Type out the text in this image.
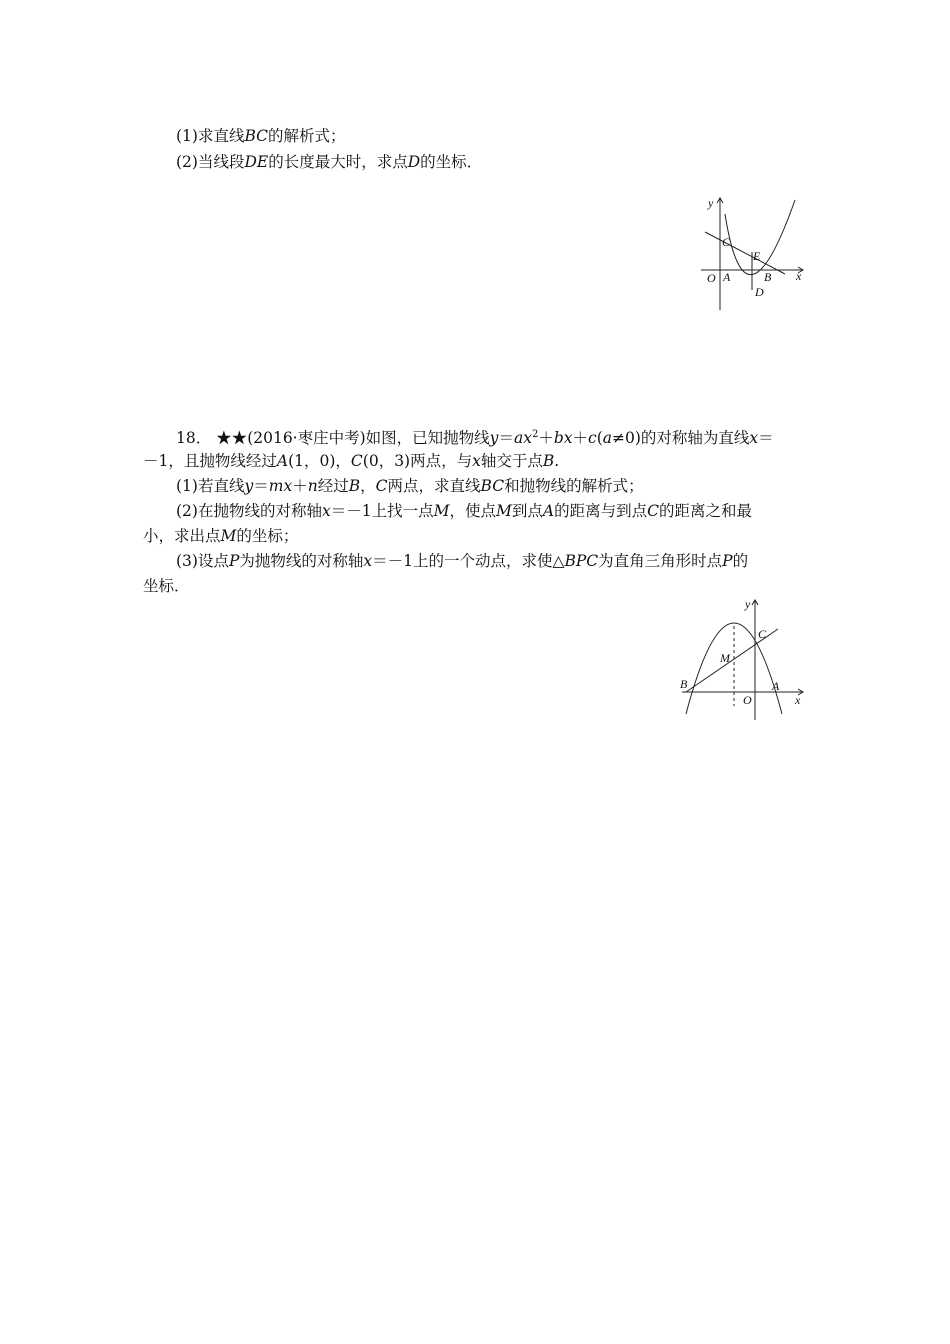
(1)求直线BC的解析式；
(2)当线段DE的长度最大时，求点D的坐标．
y
x
O A	B
C
D
E
18． ★★(2016·枣庄中考)如图，已知抛物线$y=ax^2+bx+c(a\ne 0)$的对称轴为直线x＝
－1，且抛物线经过A(1，0)，C(0，3)两点，与x轴交于点B.
(1)若直线y＝mx＋n经过B，C两点，求直线BC和抛物线的解析式；
(2)在抛物线的对称轴x＝－1上找一点M，使点M到点A的距离与到点C的距离之和最
小，求出点M的坐标；
(3)设点P为抛物线的对称轴x＝－1上的一个动点，求使△BPC为直角三角形时点P的
坐标．
y
x
O
A
B
C
M
